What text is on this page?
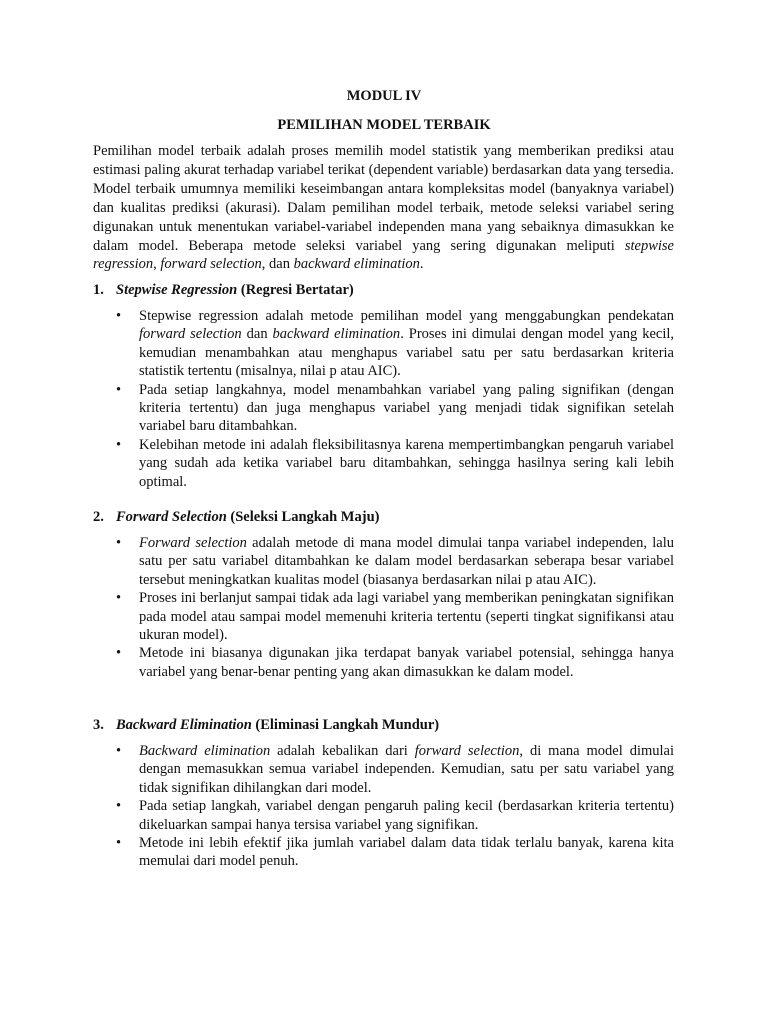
MODUL IV
PEMILIHAN MODEL TERBAIK

Pemilihan model terbaik adalah proses memilih model statistik yang memberikan prediksi atau estimasi paling akurat terhadap variabel terikat (dependent variable) berdasarkan data yang tersedia. Model terbaik umumnya memiliki keseimbangan antara kompleksitas model (banyaknya variabel) dan kualitas prediksi (akurasi). Dalam pemilihan model terbaik, metode seleksi variabel sering digunakan untuk menentukan variabel-variabel independen mana yang sebaiknya dimasukkan ke dalam model. Beberapa metode seleksi variabel yang sering digunakan meliputi stepwise regression, forward selection, dan backward elimination.

1. Stepwise Regression (Regresi Bertatar)

• Stepwise regression adalah metode pemilihan model yang menggabungkan pendekatan forward selection dan backward elimination. Proses ini dimulai dengan model yang kecil, kemudian menambahkan atau menghapus variabel satu per satu berdasarkan kriteria statistik tertentu (misalnya, nilai p atau AIC).
• Pada setiap langkahnya, model menambahkan variabel yang paling signifikan (dengan kriteria tertentu) dan juga menghapus variabel yang menjadi tidak signifikan setelah variabel baru ditambahkan.
• Kelebihan metode ini adalah fleksibilitasnya karena mempertimbangkan pengaruh variabel yang sudah ada ketika variabel baru ditambahkan, sehingga hasilnya sering kali lebih optimal.

2. Forward Selection (Seleksi Langkah Maju)

• Forward selection adalah metode di mana model dimulai tanpa variabel independen, lalu satu per satu variabel ditambahkan ke dalam model berdasarkan seberapa besar variabel tersebut meningkatkan kualitas model (biasanya berdasarkan nilai p atau AIC).
• Proses ini berlanjut sampai tidak ada lagi variabel yang memberikan peningkatan signifikan pada model atau sampai model memenuhi kriteria tertentu (seperti tingkat signifikansi atau ukuran model).
• Metode ini biasanya digunakan jika terdapat banyak variabel potensial, sehingga hanya variabel yang benar-benar penting yang akan dimasukkan ke dalam model.

3. Backward Elimination (Eliminasi Langkah Mundur)

• Backward elimination adalah kebalikan dari forward selection, di mana model dimulai dengan memasukkan semua variabel independen. Kemudian, satu per satu variabel yang tidak signifikan dihilangkan dari model.
• Pada setiap langkah, variabel dengan pengaruh paling kecil (berdasarkan kriteria tertentu) dikeluarkan sampai hanya tersisa variabel yang signifikan.
• Metode ini lebih efektif jika jumlah variabel dalam data tidak terlalu banyak, karena kita memulai dari model penuh.
